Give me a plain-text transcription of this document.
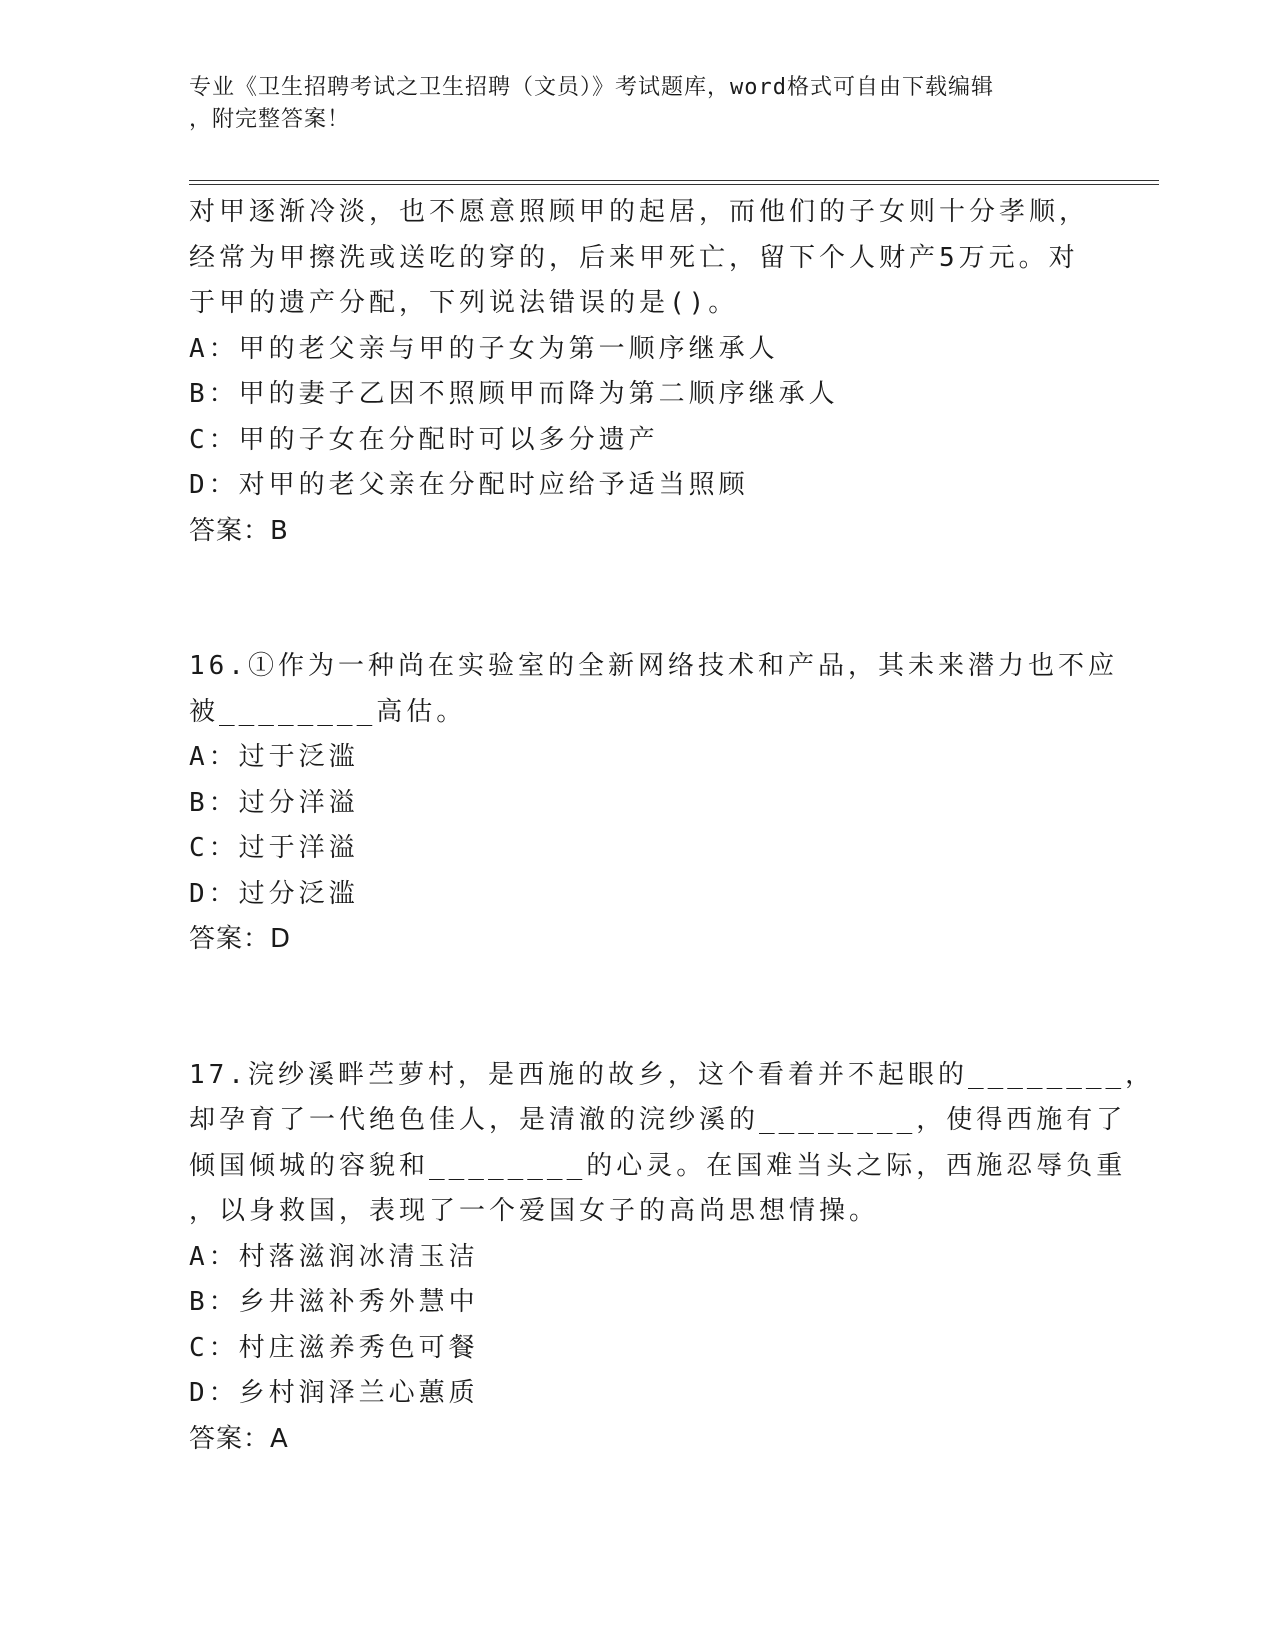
专业《卫生招聘考试之卫生招聘（文员）》考试题库，word格式可自由下载编辑
，附完整答案！
对甲逐渐冷淡，也不愿意照顾甲的起居，而他们的子女则十分孝顺，
经常为甲擦洗或送吃的穿的，后来甲死亡，留下个人财产5万元。对
于甲的遗产分配，下列说法错误的是()。
A：甲的老父亲与甲的子女为第一顺序继承人
B：甲的妻子乙因不照顾甲而降为第二顺序继承人
C：甲的子女在分配时可以多分遗产
D：对甲的老父亲在分配时应给予适当照顾
答案：B
16.①作为一种尚在实验室的全新网络技术和产品，其未来潜力也不应
被________高估。
A：过于泛滥
B：过分洋溢
C：过于洋溢
D：过分泛滥
答案：D
17.浣纱溪畔苎萝村，是西施的故乡，这个看着并不起眼的________，
却孕育了一代绝色佳人，是清澈的浣纱溪的________，使得西施有了
倾国倾城的容貌和________的心灵。在国难当头之际，西施忍辱负重
，以身救国，表现了一个爱国女子的高尚思想情操。
A：村落滋润冰清玉洁
B：乡井滋补秀外慧中
C：村庄滋养秀色可餐
D：乡村润泽兰心蕙质
答案：A
